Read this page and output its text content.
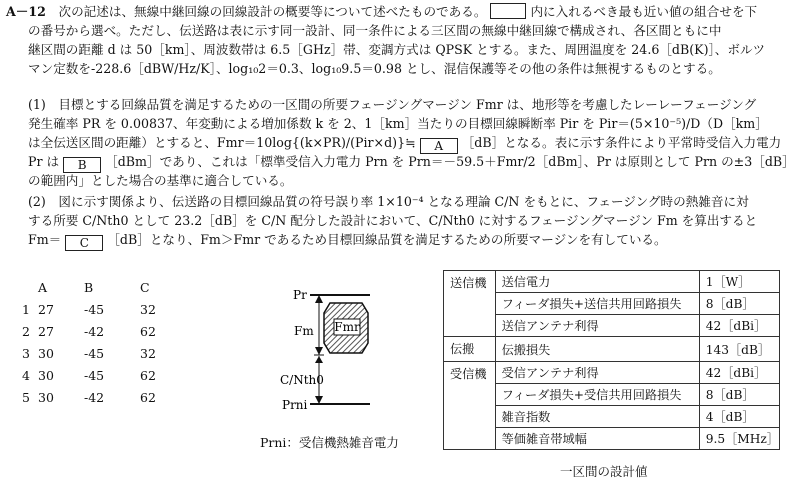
A－12　 次の記述は、無線中継回線の回線設計の概要等について述べたものである。	内に入れるべき最も近い値の組合せを下
の番号から選べ。ただし、伝送路は表に示す同一設計、同一条件による三区間の無線中継回線で構成され、各区間ともに中
継区間の距離 d は 50［km］、周波数帯は 6.5［GHz］帯、変調方式は QPSK とする。また、周囲温度を 24.6［dB(K)］、ボルツ
マン定数を-228.6［dBW/Hz/K］、log₁₀2＝0.3、log₁₀9.5＝0.98 とし、混信保護等その他の条件は無視するものとする。
(1)　目標とする回線品質を満足するための一区間の所要フェージングマージン Fmr は、地形等を考慮したレーレーフェージング
発生確率 PR を 0.00837、年変動による増加係数 k を 2、1［km］当たりの目標回線瞬断率 Pir を Pir＝(5×10⁻⁵)/D（D［km］
は全伝送区間の距離）とすると、Fmr＝10log{(k×PR)/(Pir×d)}≒ A ［dB］となる。表に示す条件により平常時受信入力電力
Pr は B ［dBm］であり、これは「標準受信入力電力 Prn を Prn＝－59.5＋Fmr/2［dBm］、Pr は原則として Prn の±3［dB］
の範囲内」とした場合の基準に適合している。
(2)　図に示す関係より、伝送路の目標回線品質の符号誤り率 1×10⁻⁴ となる理論 C/N をもとに、フェージング時の熱雑音に対
する所要 C/Nth0 として 23.2［dB］を C/N 配分した設計において、C/Nth0 に対するフェージングマージン Fm を算出すると
Fm＝ C ［dB］となり、Fm＞Fmr であるため目標回線品質を満足するための所要マージンを有している。
	A	B	C
1	27	-45	32
2	27	-42	62
3	30	-45	32
4	30	-45	62
5	30	-42	62
Fmr
Pr
Fm
C/Nth0
Prni
Prni：受信機熱雑音電力
送信機	送信電力	1［W］
	フィーダ損失+送信共用回路損失	8［dB］
	送信アンテナ利得	42［dBi］
伝搬	伝搬損失	143［dB］
受信機	受信アンテナ利得	42［dBi］
	フィーダ損失+受信共用回路損失	8［dB］
	雑音指数	4［dB］
	等価雑音帯域幅	9.5［MHz］
一区間の設計値
